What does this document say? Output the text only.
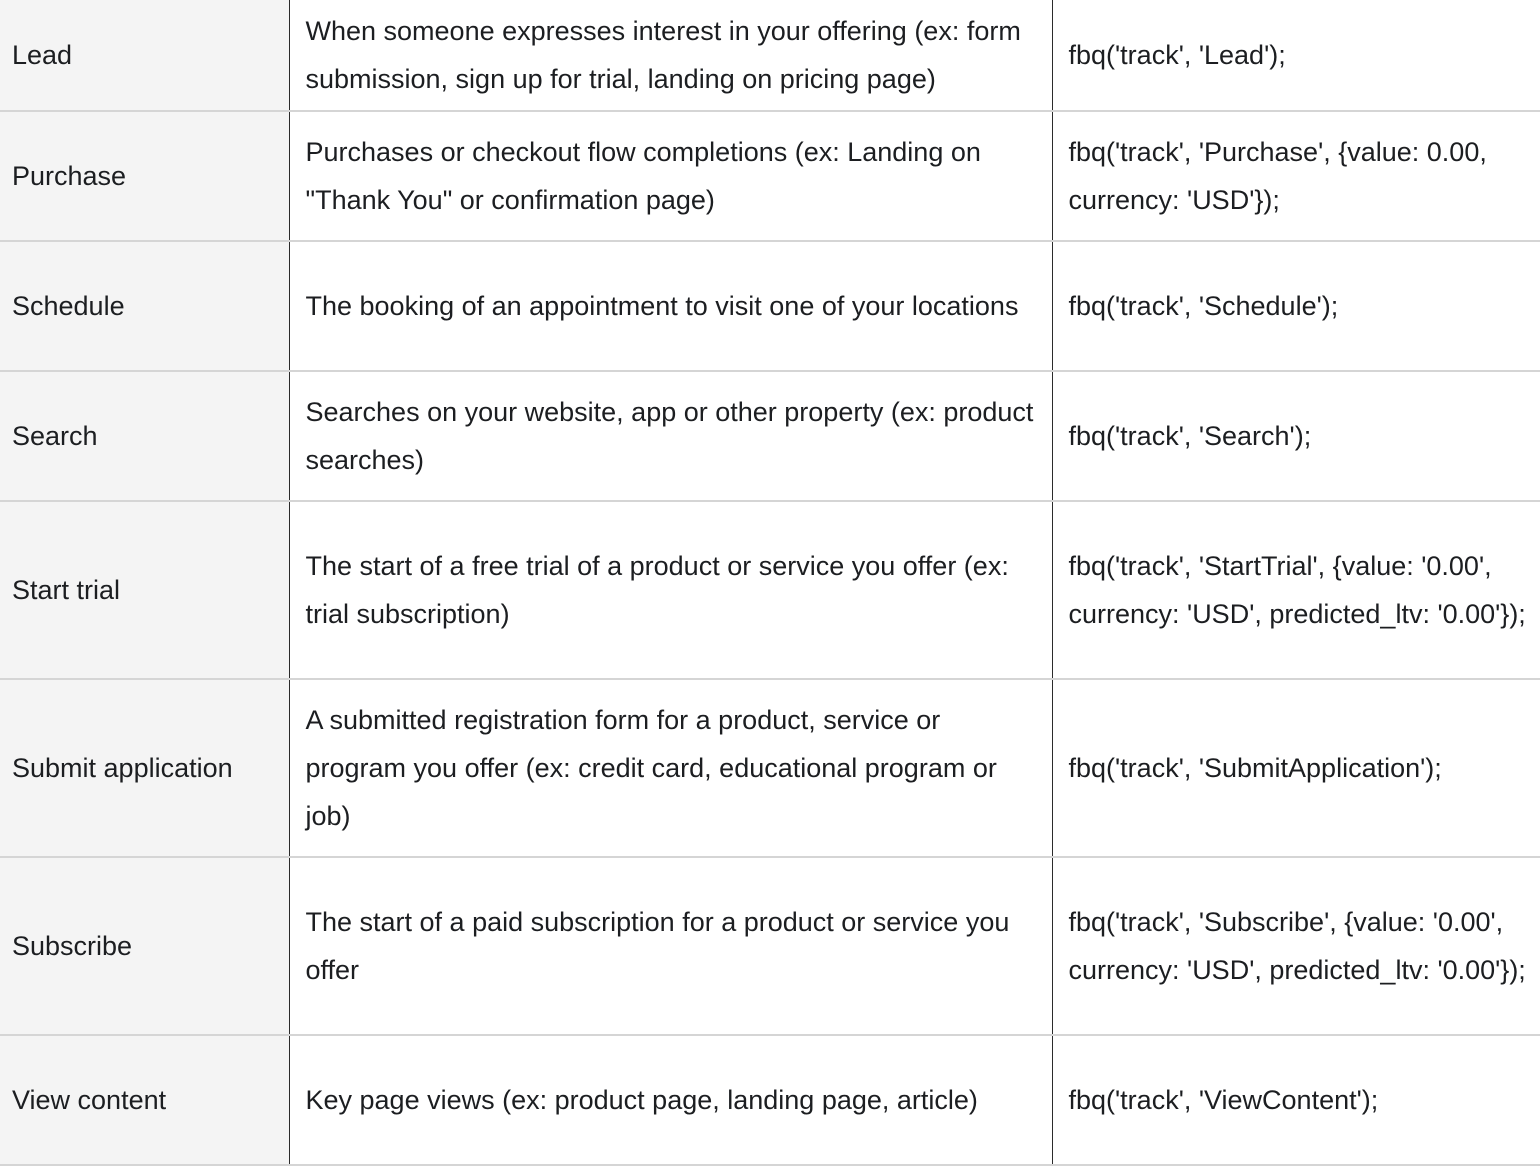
Lead	When someone expresses interest in your offering (ex: form submission, sign up for trial, landing on pricing page)	fbq('track', 'Lead');
Purchase	Purchases or checkout flow completions (ex: Landing on "Thank You" or confirmation page)	fbq('track', 'Purchase', {value: 0.00, currency: 'USD'});
Schedule	The booking of an appointment to visit one of your locations	fbq('track', 'Schedule');
Search	Searches on your website, app or other property (ex: product searches)	fbq('track', 'Search');
Start trial	The start of a free trial of a product or service you offer (ex: trial subscription)	fbq('track', 'StartTrial', {value: '0.00', currency: 'USD', predicted_ltv: '0.00'});
Submit application	A submitted registration form for a product, service or program you offer (ex: credit card, educational program or job)	fbq('track', 'SubmitApplication');
Subscribe	The start of a paid subscription for a product or service you offer	fbq('track', 'Subscribe', {value: '0.00', currency: 'USD', predicted_ltv: '0.00'});
View content	Key page views (ex: product page, landing page, article)	fbq('track', 'ViewContent');
